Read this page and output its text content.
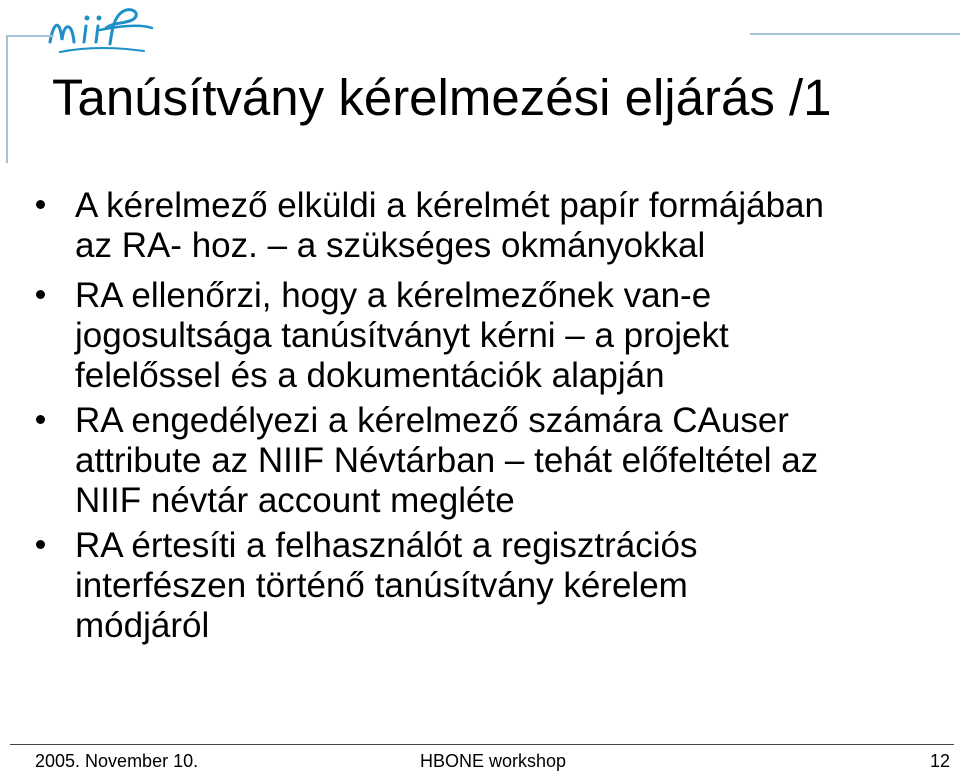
Tanúsítvány kérelmezési eljárás /1
A kérelmező elküldi a kérelmét papír formájában
az RA- hoz. – a szükséges okmányokkal
RA ellenőrzi, hogy a kérelmezőnek van-e
jogosultsága tanúsítványt kérni – a projekt
felelőssel és a dokumentációk alapján
RA engedélyezi a kérelmező számára CAuser
attribute az NIIF Névtárban – tehát előfeltétel az
NIIF névtár account megléte
RA értesíti a felhasználót a regisztrációs
interfészen történő tanúsítvány kérelem
módjáról
2005. November 10.	HBONE workshop	12
